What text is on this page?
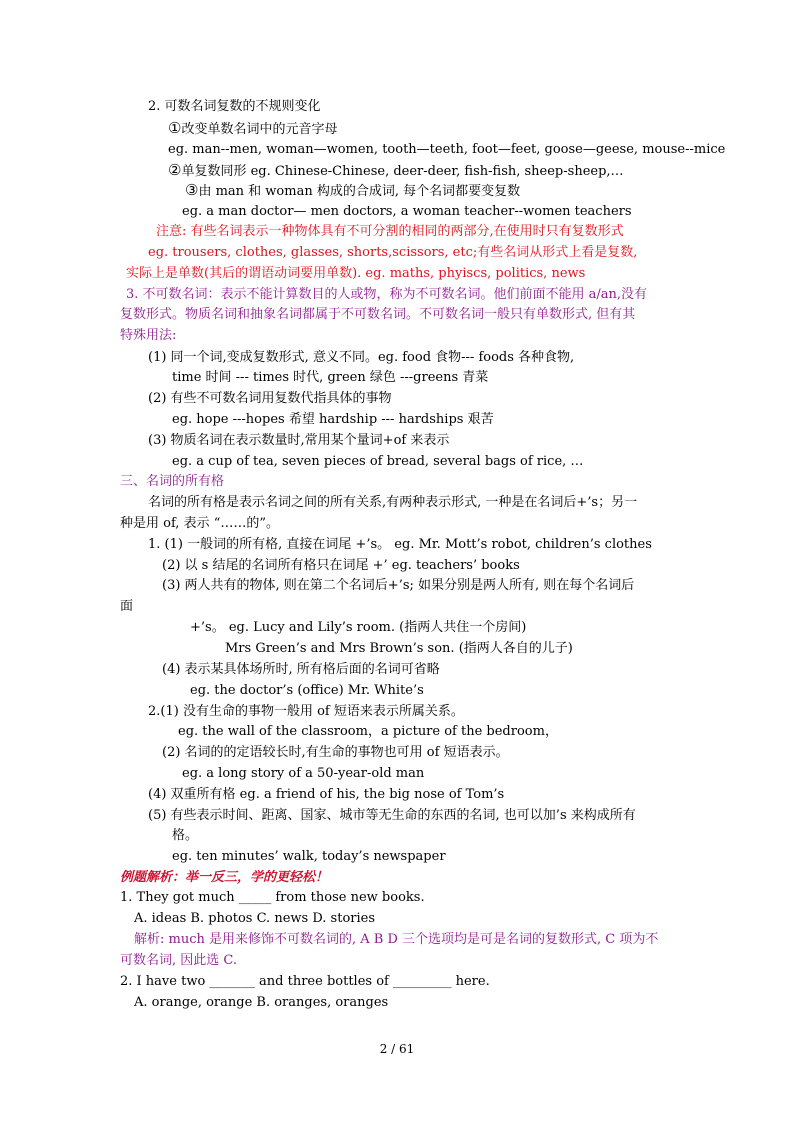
2. 可数名词复数的不规则变化
①改变单数名词中的元音字母
eg. man--men, woman—women, tooth—teeth, foot—feet, goose—geese, mouse--mice
②单复数同形 eg. Chinese-Chinese, deer-deer, fish-fish, sheep-sheep,…
③由 man 和 woman 构成的合成词, 每个名词都要变复数
eg. a man doctor— men doctors, a woman teacher--women teachers
注意: 有些名词表示一种物体具有不可分割的相同的两部分,在使用时只有复数形式
eg. trousers, clothes, glasses, shorts,scissors, etc;有些名词从形式上看是复数,
实际上是单数(其后的谓语动词要用单数). eg. maths, phyiscs, politics, news
3. 不可数名词：表示不能计算数目的人或物，称为不可数名词。他们前面不能用 a/an,没有
复数形式。物质名词和抽象名词都属于不可数名词。不可数名词一般只有单数形式, 但有其
特殊用法:
(1) 同一个词,变成复数形式, 意义不同。eg. food 食物--- foods 各种食物,
time 时间 --- times 时代, green 绿色 ---greens 青菜
(2) 有些不可数名词用复数代指具体的事物
eg. hope ---hopes 希望 hardship --- hardships 艰苦
(3) 物质名词在表示数量时,常用某个量词+of 来表示
eg. a cup of tea, seven pieces of bread, several bags of rice, …
三、名词的所有格
名词的所有格是表示名词之间的所有关系,有两种表示形式, 一种是在名词后+’s；另一
种是用 of, 表示 “……的”。
1. (1) 一般词的所有格, 直接在词尾 +’s。 eg. Mr. Mott’s robot, children’s clothes
(2) 以 s 结尾的名词所有格只在词尾 +’ eg. teachers’ books
(3) 两人共有的物体, 则在第二个名词后+’s; 如果分别是两人所有, 则在每个名词后
面
+’s。 eg. Lucy and Lily’s room. (指两人共住一个房间)
Mrs Green’s and Mrs Brown’s son. (指两人各自的儿子)
(4) 表示某具体场所时, 所有格后面的名词可省略
eg. the doctor’s (office) Mr. White’s
2.(1) 没有生命的事物一般用 of 短语来表示所属关系。
eg. the wall of the classroom，a picture of the bedroom，
(2) 名词的的定语较长时,有生命的事物也可用 of 短语表示。
eg. a long story of a 50-year-old man
(4) 双重所有格 eg. a friend of his, the big nose of Tom’s
(5) 有些表示时间、距离、国家、城市等无生命的东西的名词, 也可以加’s 来构成所有
格。
eg. ten minutes’ walk, today’s newspaper
例题解析：举一反三，学的更轻松！
1. They got much _____ from those new books.
A. ideas B. photos C. news D. stories
解析: much 是用来修饰不可数名词的, A B D 三个选项均是可是名词的复数形式, C 项为不
可数名词, 因此选 C.
2. I have two _______ and three bottles of _________ here.
A. orange, orange B. oranges, oranges
2 / 61
